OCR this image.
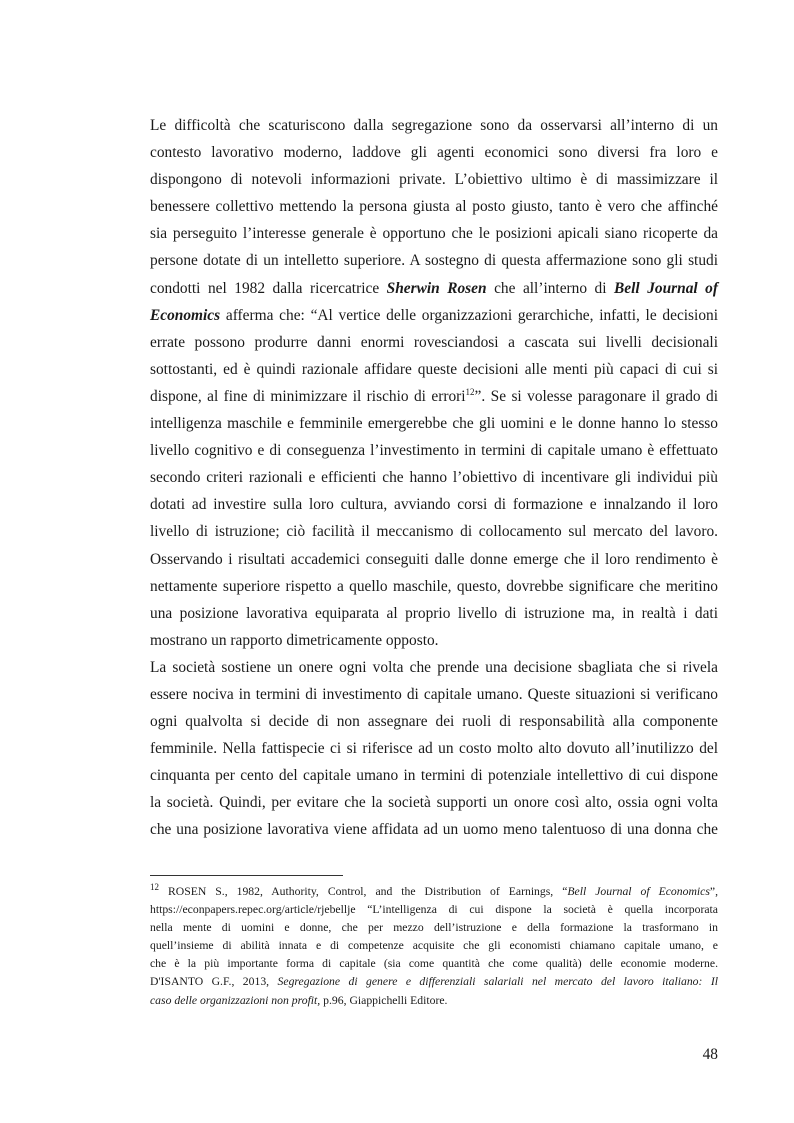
Le difficoltà che scaturiscono dalla segregazione sono da osservarsi all’interno di un
contesto lavorativo moderno, laddove gli agenti economici sono diversi fra loro e
dispongono di notevoli informazioni private. L’obiettivo ultimo è di massimizzare il
benessere collettivo mettendo la persona giusta al posto giusto, tanto è vero che affinché
sia perseguito l’interesse generale è opportuno che le posizioni apicali siano ricoperte da
persone dotate di un intelletto superiore. A sostegno di questa affermazione sono gli studi
condotti nel 1982 dalla ricercatrice Sherwin Rosen che all’interno di Bell Journal of
Economics afferma che: “Al vertice delle organizzazioni gerarchiche, infatti, le decisioni
errate possono produrre danni enormi rovesciandosi a cascata sui livelli decisionali
sottostanti, ed è quindi razionale affidare queste decisioni alle menti più capaci di cui si
dispone, al fine di minimizzare il rischio di errori$^{12}$”. Se si volesse paragonare il grado di
intelligenza maschile e femminile emergerebbe che gli uomini e le donne hanno lo stesso
livello cognitivo e di conseguenza l’investimento in termini di capitale umano è effettuato
secondo criteri razionali e efficienti che hanno l’obiettivo di incentivare gli individui più
dotati ad investire sulla loro cultura, avviando corsi di formazione e innalzando il loro
livello di istruzione; ciò facilità il meccanismo di collocamento sul mercato del lavoro.
Osservando i risultati accademici conseguiti dalle donne emerge che il loro rendimento è
nettamente superiore rispetto a quello maschile, questo, dovrebbe significare che meritino
una posizione lavorativa equiparata al proprio livello di istruzione ma, in realtà i dati
mostrano un rapporto dimetricamente opposto.
La società sostiene un onere ogni volta che prende una decisione sbagliata che si rivela
essere nociva in termini di investimento di capitale umano. Queste situazioni si verificano
ogni qualvolta si decide di non assegnare dei ruoli di responsabilità alla componente
femminile. Nella fattispecie ci si riferisce ad un costo molto alto dovuto all’inutilizzo del
cinquanta per cento del capitale umano in termini di potenziale intellettivo di cui dispone
la società. Quindi, per evitare che la società supporti un onore così alto, ossia ogni volta
che una posizione lavorativa viene affidata ad un uomo meno talentuoso di una donna che
$^{12}$ ROSEN S., 1982, Authority, Control, and the Distribution of Earnings, “Bell Journal of Economics”,
https://econpapers.repec.org/article/rjebellje “L’intelligenza di cui dispone la società è quella incorporata
nella mente di uomini e donne, che per mezzo dell’istruzione e della formazione la trasformano in
quell’insieme di abilità innata e di competenze acquisite che gli economisti chiamano capitale umano, e
che è la più importante forma di capitale (sia come quantità che come qualità) delle economie moderne.
D'ISANTO G.F., 2013, Segregazione di genere e differenziali salariali nel mercato del lavoro italiano: Il
caso delle organizzazioni non profit, p.96, Giappichelli Editore.
48
